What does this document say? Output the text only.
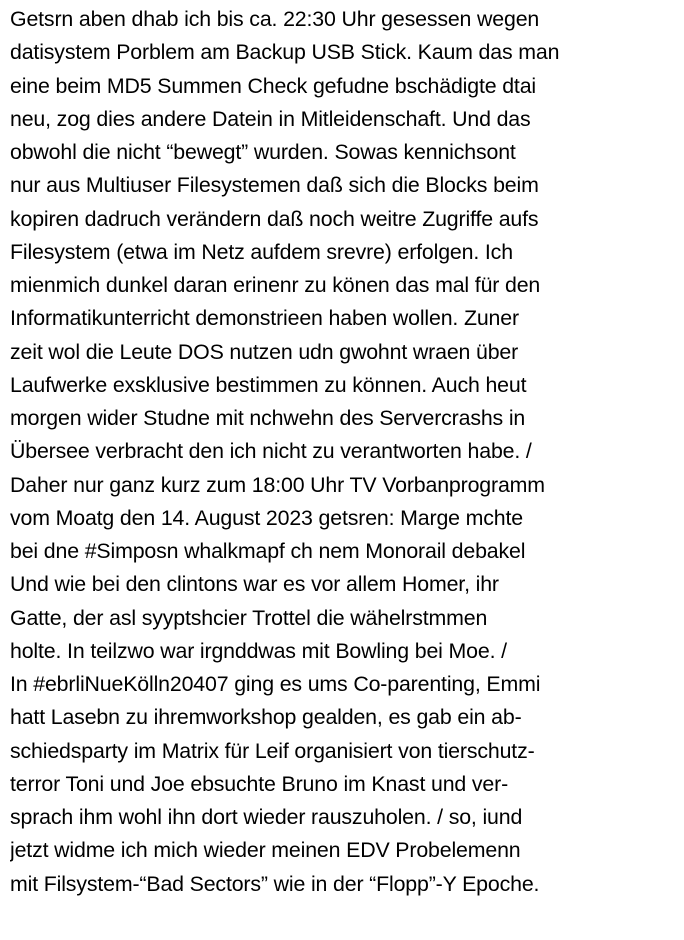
Getsrn aben dhab ich bis ca. 22:30 Uhr gesessen wegen
datisystem Porblem am Backup USB Stick. Kaum das man
eine beim MD5 Summen Check gefudne bschädigte dtai
neu, zog dies andere Datein in Mitleidenschaft. Und das
obwohl die nicht “bewegt” wurden. Sowas kennichsont
nur aus Multiuser Filesystemen daß sich die Blocks beim
kopiren dadruch verändern daß noch weitre Zugriffe aufs
Filesystem (etwa im Netz aufdem srevre) erfolgen. Ich
mienmich dunkel daran erinenr zu könen das mal für den
Informatikunterricht demonstrieen haben wollen. Zuner
zeit wol die Leute DOS nutzen udn gwohnt wraen über
Laufwerke exsklusive bestimmen zu können. Auch heut
morgen wider Studne mit nchwehn des Servercrashs in
Übersee verbracht den ich nicht zu verantworten habe. /
Daher nur ganz kurz zum 18:00 Uhr TV Vorbanprogramm
vom Moatg den 14. August 2023 getsren: Marge mchte
bei dne #Simposn whalkmapf ch nem Monorail debakel
Und wie bei den clintons war es vor allem Homer, ihr
Gatte, der asl syyptshcier Trottel die wähelrstmmen
holte. In teilzwo war irgnddwas mit Bowling bei Moe. /
In #ebrliNueKölln20407 ging es ums Co-parenting, Emmi
hatt Lasebn zu ihremworkshop gealden, es gab ein ab-
schiedsparty im Matrix für Leif organisiert von tierschutz-
terror Toni und Joe ebsuchte Bruno im Knast und ver-
sprach ihm wohl ihn dort wieder rauszuholen. / so, iund
jetzt widme ich mich wieder meinen EDV Probelemenn
mit Filsystem-“Bad Sectors” wie in der “Flopp”-Y Epoche.
